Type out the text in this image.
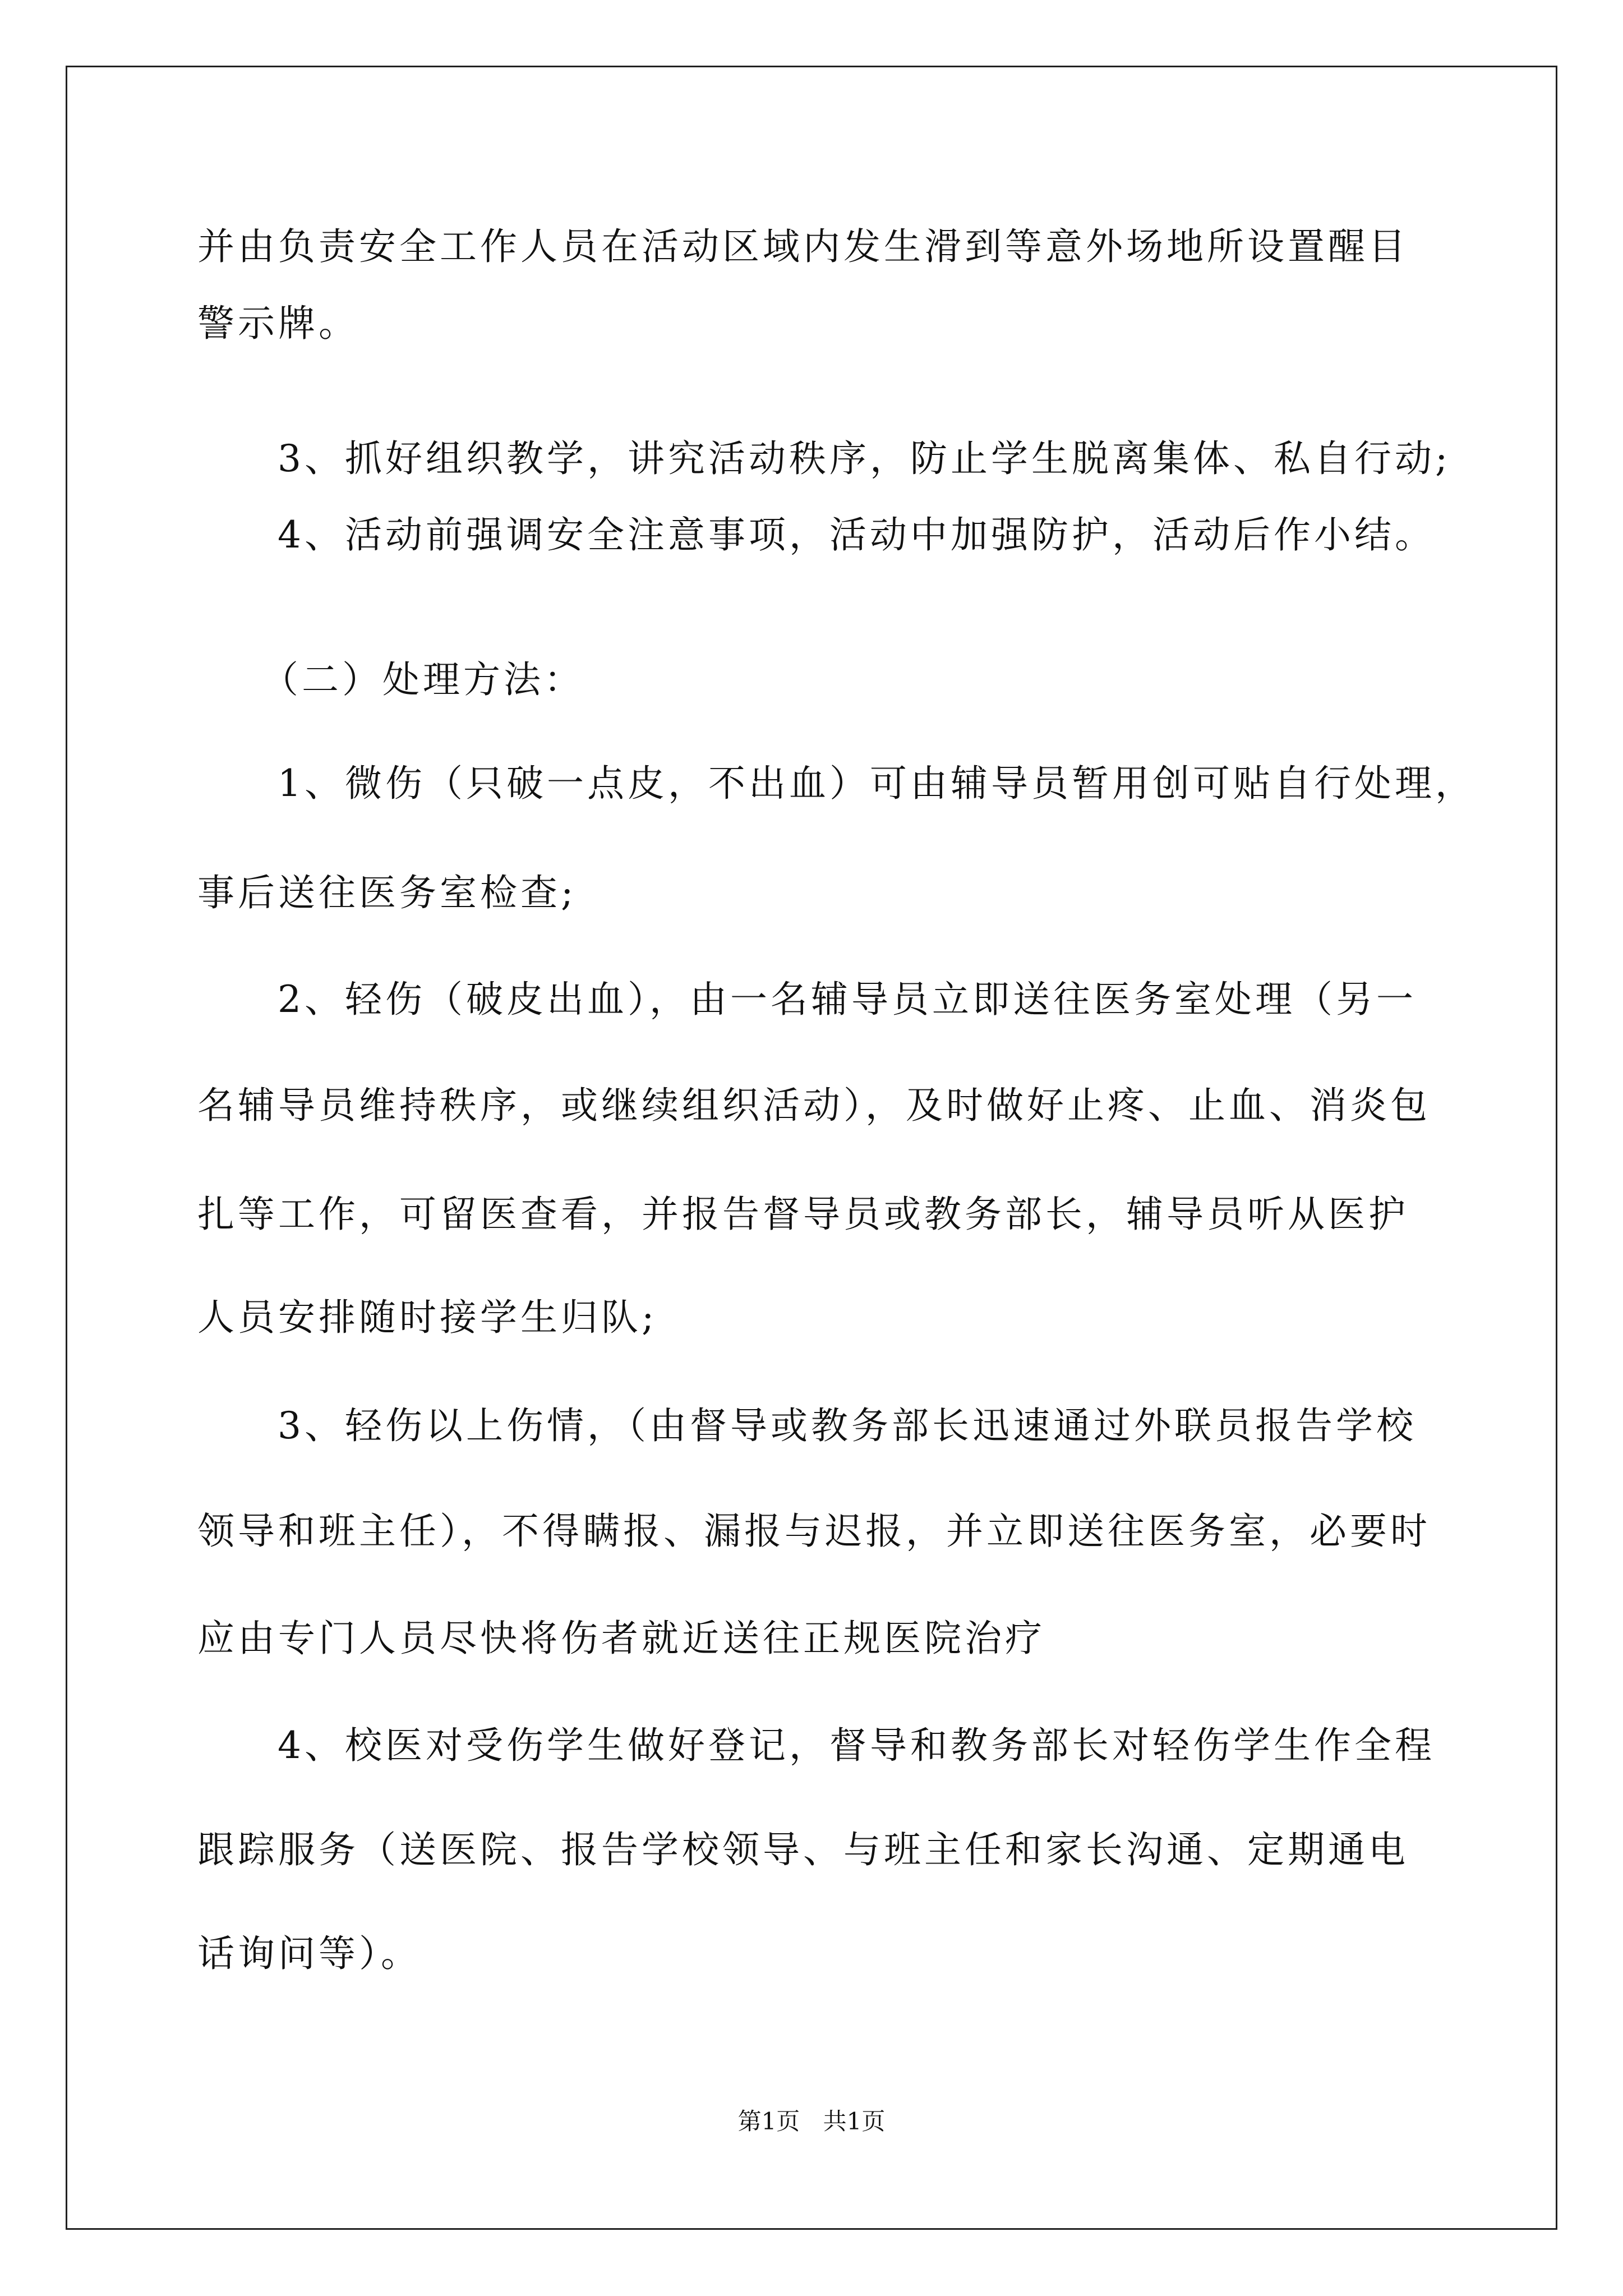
并由负责安全工作人员在活动区域内发生滑到等意外场地所设置醒目
警示牌。
3、抓好组织教学，讲究活动秩序，防止学生脱离集体、私自行动;
4、活动前强调安全注意事项，活动中加强防护，活动后作小结。
（二）处理方法：
1、微伤（只破一点皮，不出血）可由辅导员暂用创可贴自行处理，
事后送往医务室检查;
2、轻伤（破皮出血），由一名辅导员立即送往医务室处理（另一
名辅导员维持秩序，或继续组织活动），及时做好止疼、止血、消炎包
扎等工作，可留医查看，并报告督导员或教务部长，辅导员听从医护
人员安排随时接学生归队;
3、轻伤以上伤情，（由督导或教务部长迅速通过外联员报告学校
领导和班主任），不得瞒报、漏报与迟报，并立即送往医务室，必要时
应由专门人员尽快将伤者就近送往正规医院治疗
4、校医对受伤学生做好登记，督导和教务部长对轻伤学生作全程
跟踪服务（送医院、报告学校领导、与班主任和家长沟通、定期通电
话询问等）。
第1页 共1页
